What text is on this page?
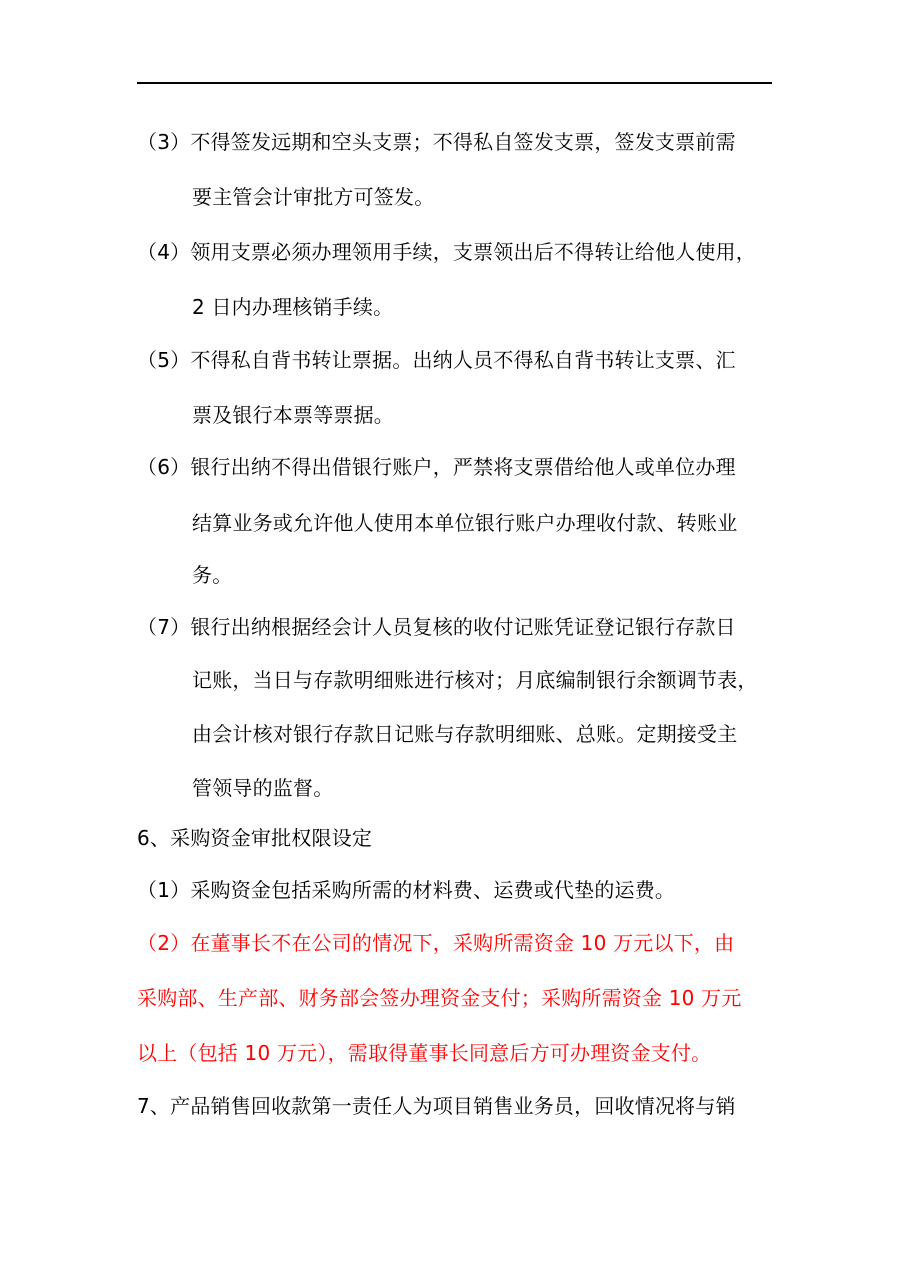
（3）不得签发远期和空头支票；不得私自签发支票，签发支票前需
要主管会计审批方可签发。
（4）领用支票必须办理领用手续，支票领出后不得转让给他人使用，
2 日内办理核销手续。
（5）不得私自背书转让票据。出纳人员不得私自背书转让支票、汇
票及银行本票等票据。
（6）银行出纳不得出借银行账户，严禁将支票借给他人或单位办理
结算业务或允许他人使用本单位银行账户办理收付款、转账业
务。
（7）银行出纳根据经会计人员复核的收付记账凭证登记银行存款日
记账，当日与存款明细账进行核对；月底编制银行余额调节表，
由会计核对银行存款日记账与存款明细账、总账。定期接受主
管领导的监督。
6、采购资金审批权限设定
（1）采购资金包括采购所需的材料费、运费或代垫的运费。
（2）在董事长不在公司的情况下，采购所需资金 10 万元以下，由
采购部、生产部、财务部会签办理资金支付；采购所需资金 10 万元
以上（包括 10 万元），需取得董事长同意后方可办理资金支付。
7、产品销售回收款第一责任人为项目销售业务员，回收情况将与销
